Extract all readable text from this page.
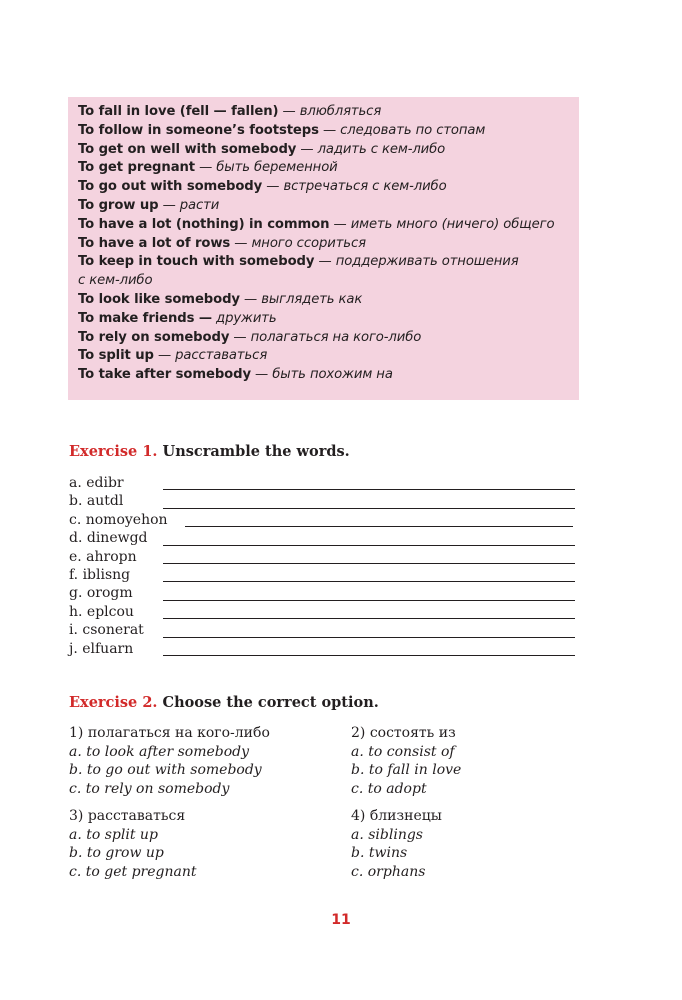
To fall in love (fell — fallen) — влюбляться
To follow in someone’s footsteps — следовать по стопам
To get on well with somebody — ладить с кем-либо
To get pregnant — быть беременной
To go out with somebody — встречаться с кем-либо
To grow up — расти
To have a lot (nothing) in common — иметь много (ничего) общего
To have a lot of rows — много ссориться
To keep in touch with somebody — поддерживать отношения
с кем-либо
To look like somebody — выглядеть как
To make friends — дружить
To rely on somebody — полагаться на кого-либо
To split up — расставаться
To take after somebody — быть похожим на
Exercise 1. Unscramble the words.
a. edibr
b. autdl
c. nomoyehon
d. dinewgd
e. ahropn
f. iblisng
g. orogm
h. eplcou
i. csonerat
j. elfuarn
Exercise 2. Choose the correct option.
1) полагаться на кого-либо
a. to look after somebody
b. to go out with somebody
c. to rely on somebody
2) состоять из
a. to consist of
b. to fall in love
c. to adopt
3) расставаться
a. to split up
b. to grow up
c. to get pregnant
4) близнецы
a. siblings
b. twins
c. orphans
11
